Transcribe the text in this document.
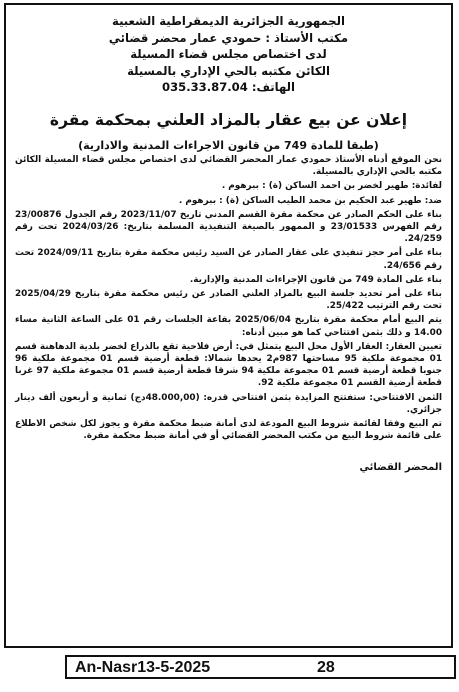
الجمهورية الجزائرية الديمقراطية الشعبية
مكتب الأستاذ : حمودي عمار محضر قضائي
لدى اختصاص مجلس قضاء المسيلة
الكائن مكتبه بالحي الإداري بالمسيلة
الهاتف: 035.33.87.04
إعلان عن بيع عقار بالمزاد العلني بمحكمة مقرة
(طبقا للمادة 749 من قانون الاجراءات المدنية والادارية)

نحن الموقع أدناه الأستاذ حمودي عمار المحضر القضائي لدى اختصاص مجلس قضاء المسيلة الكائن مكتبه بالحي الإداري بالمسيلة.

لفائدة: طهير لخضر بن احمد الساكن (ة) : ببرهوم .

ضد: طهير عبد الحكيم بن محمد الطيب الساكن (ة) : ببرهوم .

بناء على الحكم الصادر عن محكمة مقرة القسم المدني تاريخ 2023/11/07 رقم الجدول 23/00876 رقم الفهرس 23/01533 و الممهور بالصيغة التنفيذية المسلمة بتاريخ: 2024/03/26 تحت رقم 24/259.

بناء على أمر حجز تنفيذي على عقار الصادر عن السيد رئيس محكمة مقرة بتاريخ 2024/09/11 تحت رقم 24/656.

بناء على المادة 749 من قانون الإجراءات المدنية والإدارية.

بناء على أمر تحديد جلسة البيع بالمزاد العلني الصادر عن رئيس محكمة مقرة بتاريخ 2025/04/29 تحت رقم الترتيب 25/422.

يتم البيع أمام محكمة مقرة بتاريخ 2025/06/04 بقاعة الجلسات رقم 01 على الساعة الثانية مساء 14.00 و ذلك بثمن افتتاحي كما هو مبين أدناه:

تعيين العقار: العقار الأول محل البيع يتمثل في: أرض فلاحية تقع بالذراع لخضر بلدية الدهاهنة قسم 01 مجموعة ملكية 95 مساحتها 987م2 يحدها شمالا: قطعة أرضية قسم 01 مجموعة ملكية 96 جنوبا قطعة أرضية قسم 01 مجموعة ملكية 94 شرقا قطعة أرضية قسم 01 مجموعة ملكية 97 غربا قطعة أرضية القسم 01 مجموعة ملكية 92.

الثمن الافتتاحي: ستفتتح المزايدة بثمن افتتاحي قدره: (48.000,00دج) ثمانية و أربعون ألف دينار جزائري.

تم البيع وفقا لقائمة شروط البيع المودعة لدى أمانة ضبط محكمة مقرة و يجوز لكل شخص الاطلاع على قائمة شروط البيع من مكتب المحضر القضائي أو في أمانة ضبط محكمة مقرة.

المحضر القضائي
An-Nasr13-5-2025	28
